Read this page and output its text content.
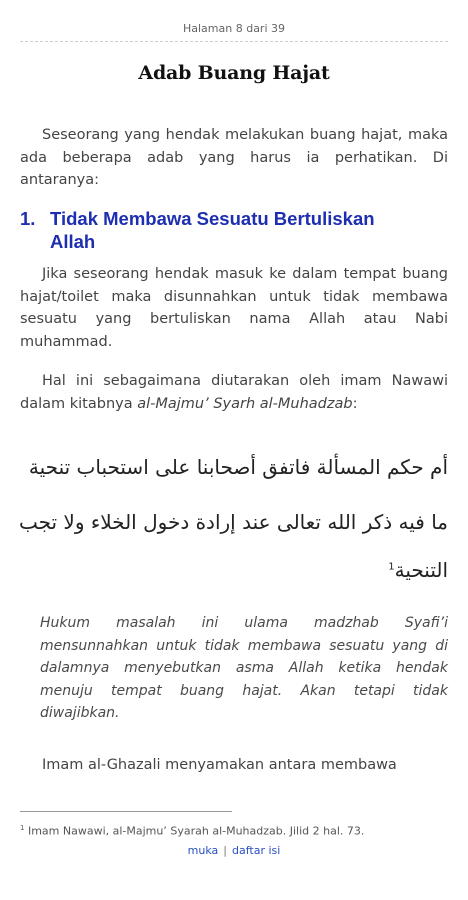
Halaman 8 dari 39
Adab Buang Hajat

Seseorang yang hendak melakukan buang hajat, maka ada beberapa adab yang harus ia perhatikan. Di antaranya:

1. Tidak Membawa Sesuatu Bertuliskan
Allah

Jika seseorang hendak masuk ke dalam tempat buang hajat/toilet maka disunnahkan untuk tidak membawa sesuatu yang bertuliskan nama Allah atau Nabi muhammad.

Hal ini sebagaimana diutarakan oleh imam Nawawi dalam kitabnya al-Majmu’ Syarh al-Muhadzab:

أم حكم المسألة فاتفق أصحابنا على استحباب تنحية
ما فيه ذكر الله تعالى عند إرادة دخول الخلاء ولا تجب
التنحية$^1$

Hukum masalah ini ulama madzhab Syafi’i mensunnahkan untuk tidak membawa sesuatu yang di dalamnya menyebutkan asma Allah ketika hendak menuju tempat buang hajat. Akan tetapi tidak diwajibkan.

Imam al-Ghazali menyamakan antara membawa

$^1$ Imam Nawawi, al-Majmu’ Syarah al-Muhadzab. Jilid 2 hal. 73.
muka | daftar isi
